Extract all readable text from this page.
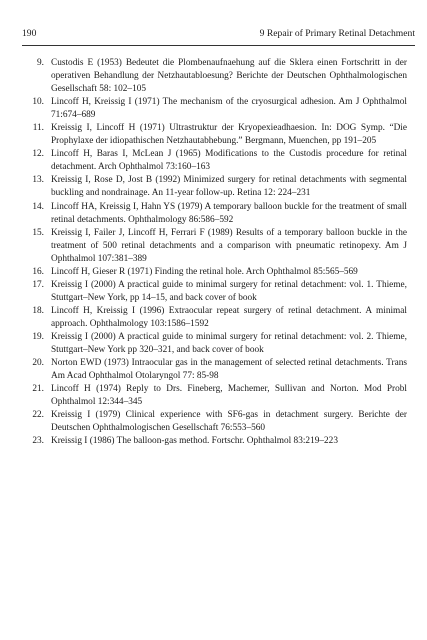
190	9 Repair of Primary Retinal Detachment
9. Custodis E (1953) Bedeutet die Plombenaufnaehung auf die Sklera einen Fortschritt in der operativen Behandlung der Netzhautabloesung? Berichte der Deutschen Ophthalmologischen Gesellschaft 58: 102–105
10. Lincoff H, Kreissig I (1971) The mechanism of the cryosurgical adhesion. Am J Ophthalmol 71:674–689
11. Kreissig I, Lincoff H (1971) Ultrastruktur der Kryopexieadhaesion. In: DOG Symp. “Die Prophylaxe der idiopathischen Netzhautabhebung.” Bergmann, Muenchen, pp 191–205
12. Lincoff H, Baras I, McLean J (1965) Modifications to the Custodis procedure for retinal detachment. Arch Ophthalmol 73:160–163
13. Kreissig I, Rose D, Jost B (1992) Minimized surgery for retinal detachments with segmental buckling and nondrainage. An 11-year follow-up. Retina 12: 224–231
14. Lincoff HA, Kreissig I, Hahn YS (1979) A temporary balloon buckle for the treatment of small retinal detachments. Ophthalmology 86:586–592
15. Kreissig I, Failer J, Lincoff H, Ferrari F (1989) Results of a temporary balloon buckle in the treatment of 500 retinal detachments and a comparison with pneumatic retinopexy. Am J Ophthalmol 107:381–389
16. Lincoff H, Gieser R (1971) Finding the retinal hole. Arch Ophthalmol 85:565–569
17. Kreissig I (2000) A practical guide to minimal surgery for retinal detachment: vol. 1. Thieme, Stuttgart–New York, pp 14–15, and back cover of book
18. Lincoff H, Kreissig I (1996) Extraocular repeat surgery of retinal detachment. A minimal approach. Ophthalmology 103:1586–1592
19. Kreissig I (2000) A practical guide to minimal surgery for retinal detachment: vol. 2. Thieme, Stuttgart–New York pp 320–321, and back cover of book
20. Norton EWD (1973) Intraocular gas in the management of selected retinal detachments. Trans Am Acad Ophthalmol Otolaryngol 77: 85-98
21. Lincoff H (1974) Reply to Drs. Fineberg, Machemer, Sullivan and Norton. Mod Probl Ophthalmol 12:344–345
22. Kreissig I (1979) Clinical experience with SF6-gas in detachment surgery. Berichte der Deutschen Ophthalmologischen Gesellschaft 76:553–560
23. Kreissig I (1986) The balloon-gas method. Fortschr. Ophthalmol 83:219–223
